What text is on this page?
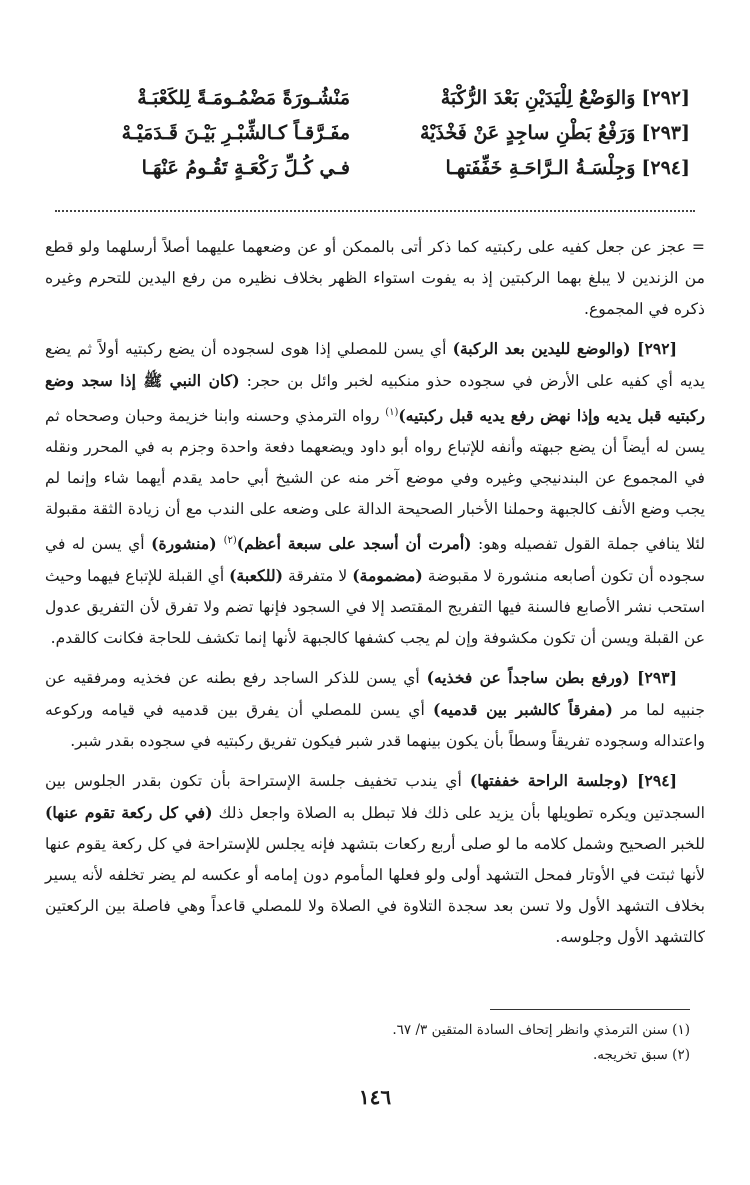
[٢٩٢]وَالوَضْعُ لِلْيَدَيْنِ بَعْدَ الرُّكْبَةْ
مَنْشُـورَةً مَضْمُـومَـةً لِلكَعْبَـةْ
[٢٩٣]وَرَفْعُ بَطْنِ ساجِدٍ عَنْ فَخْذَيْهْ
مفَـرَّقـاً كـالشِّبْـرِ بَيْـنَ قَـدَمَيْـهْ
[٢٩٤]وَجِلْسَـةُ الـرَّاحَـةِ خَفِّفَتهـا
فـي كُـلِّ رَكْعَـةٍ تَقُـومُ عَنْهَـا

= عجز عن جعل كفيه على ركبتيه كما ذكر أتى بالممكن أو عن وضعهما عليهما أصلاً أرسلهما ولو قطع من الزندين لا يبلغ بهما الركبتين إذ به يفوت استواء الظهر بخلاف نظيره من رفع اليدين للتحرم وغيره ذكره في المجموع.

[٢٩٢] (والوضع لليدين بعد الركبة) أي يسن للمصلي إذا هوى لسجوده أن يضع ركبتيه أولاً ثم يضع يديه أي كفيه على الأرض في سجوده حذو منكبيه لخبر وائل بن حجر: (كان النبي ﷺ إذا سجد وضع ركبتيه قبل يديه وإذا نهض رفع يديه قبل ركبتيه)$^{(١)}$ رواه الترمذي وحسنه وابنا خزيمة وحبان وصححاه ثم يسن له أيضاً أن يضع جبهته وأنفه للإتباع رواه أبو داود ويضعهما دفعة واحدة وجزم به في المحرر ونقله في المجموع عن البندنيجي وغيره وفي موضع آخر منه عن الشيخ أبي حامد يقدم أيهما شاء وإنما لم يجب وضع الأنف كالجبهة وحملنا الأخبار الصحيحة الدالة على وضعه على الندب مع أن زيادة الثقة مقبولة لئلا ينافي جملة القول تفصيله وهو: (أمرت أن أسجد على سبعة أعظم)$^{(٢)}$ (منشورة) أي يسن له في سجوده أن تكون أصابعه منشورة لا مقبوضة (مضمومة) لا متفرقة (للكعبة) أي القبلة للإتباع فيهما وحيث استحب نشر الأصابع فالسنة فيها التفريج المقتصد إلا في السجود فإنها تضم ولا تفرق لأن التفريق عدول عن القبلة ويسن أن تكون مكشوفة وإن لم يجب كشفها كالجبهة لأنها إنما تكشف للحاجة فكانت كالقدم.

[٢٩٣] (ورفع بطن ساجداً عن فخذيه) أي يسن للذكر الساجد رفع بطنه عن فخذيه ومرفقيه عن جنبيه لما مر (مفرقاً كالشبر بين قدميه) أي يسن للمصلي أن يفرق بين قدميه في قيامه وركوعه واعتداله وسجوده تفريقاً وسطاً بأن يكون بينهما قدر شبر فيكون تفريق ركبتيه في سجوده بقدر شبر.

[٢٩٤] (وجلسة الراحة خففتها) أي يندب تخفيف جلسة الإستراحة بأن تكون بقدر الجلوس بين السجدتين ويكره تطويلها بأن يزيد على ذلك فلا تبطل به الصلاة واجعل ذلك (في كل ركعة تقوم عنها) للخبر الصحيح وشمل كلامه ما لو صلى أربع ركعات بتشهد فإنه يجلس للإستراحة في كل ركعة يقوم عنها لأنها ثبتت في الأوتار فمحل التشهد أولى ولو فعلها المأموم دون إمامه أو عكسه لم يضر تخلفه لأنه يسير بخلاف التشهد الأول ولا تسن بعد سجدة التلاوة في الصلاة ولا للمصلي قاعداً وهي فاصلة بين الركعتين كالتشهد الأول وجلوسه.

(١) سنن الترمذي وانظر إتحاف السادة المتقين ٣/ ٦٧.
(٢) سبق تخريجه.
١٤٦
